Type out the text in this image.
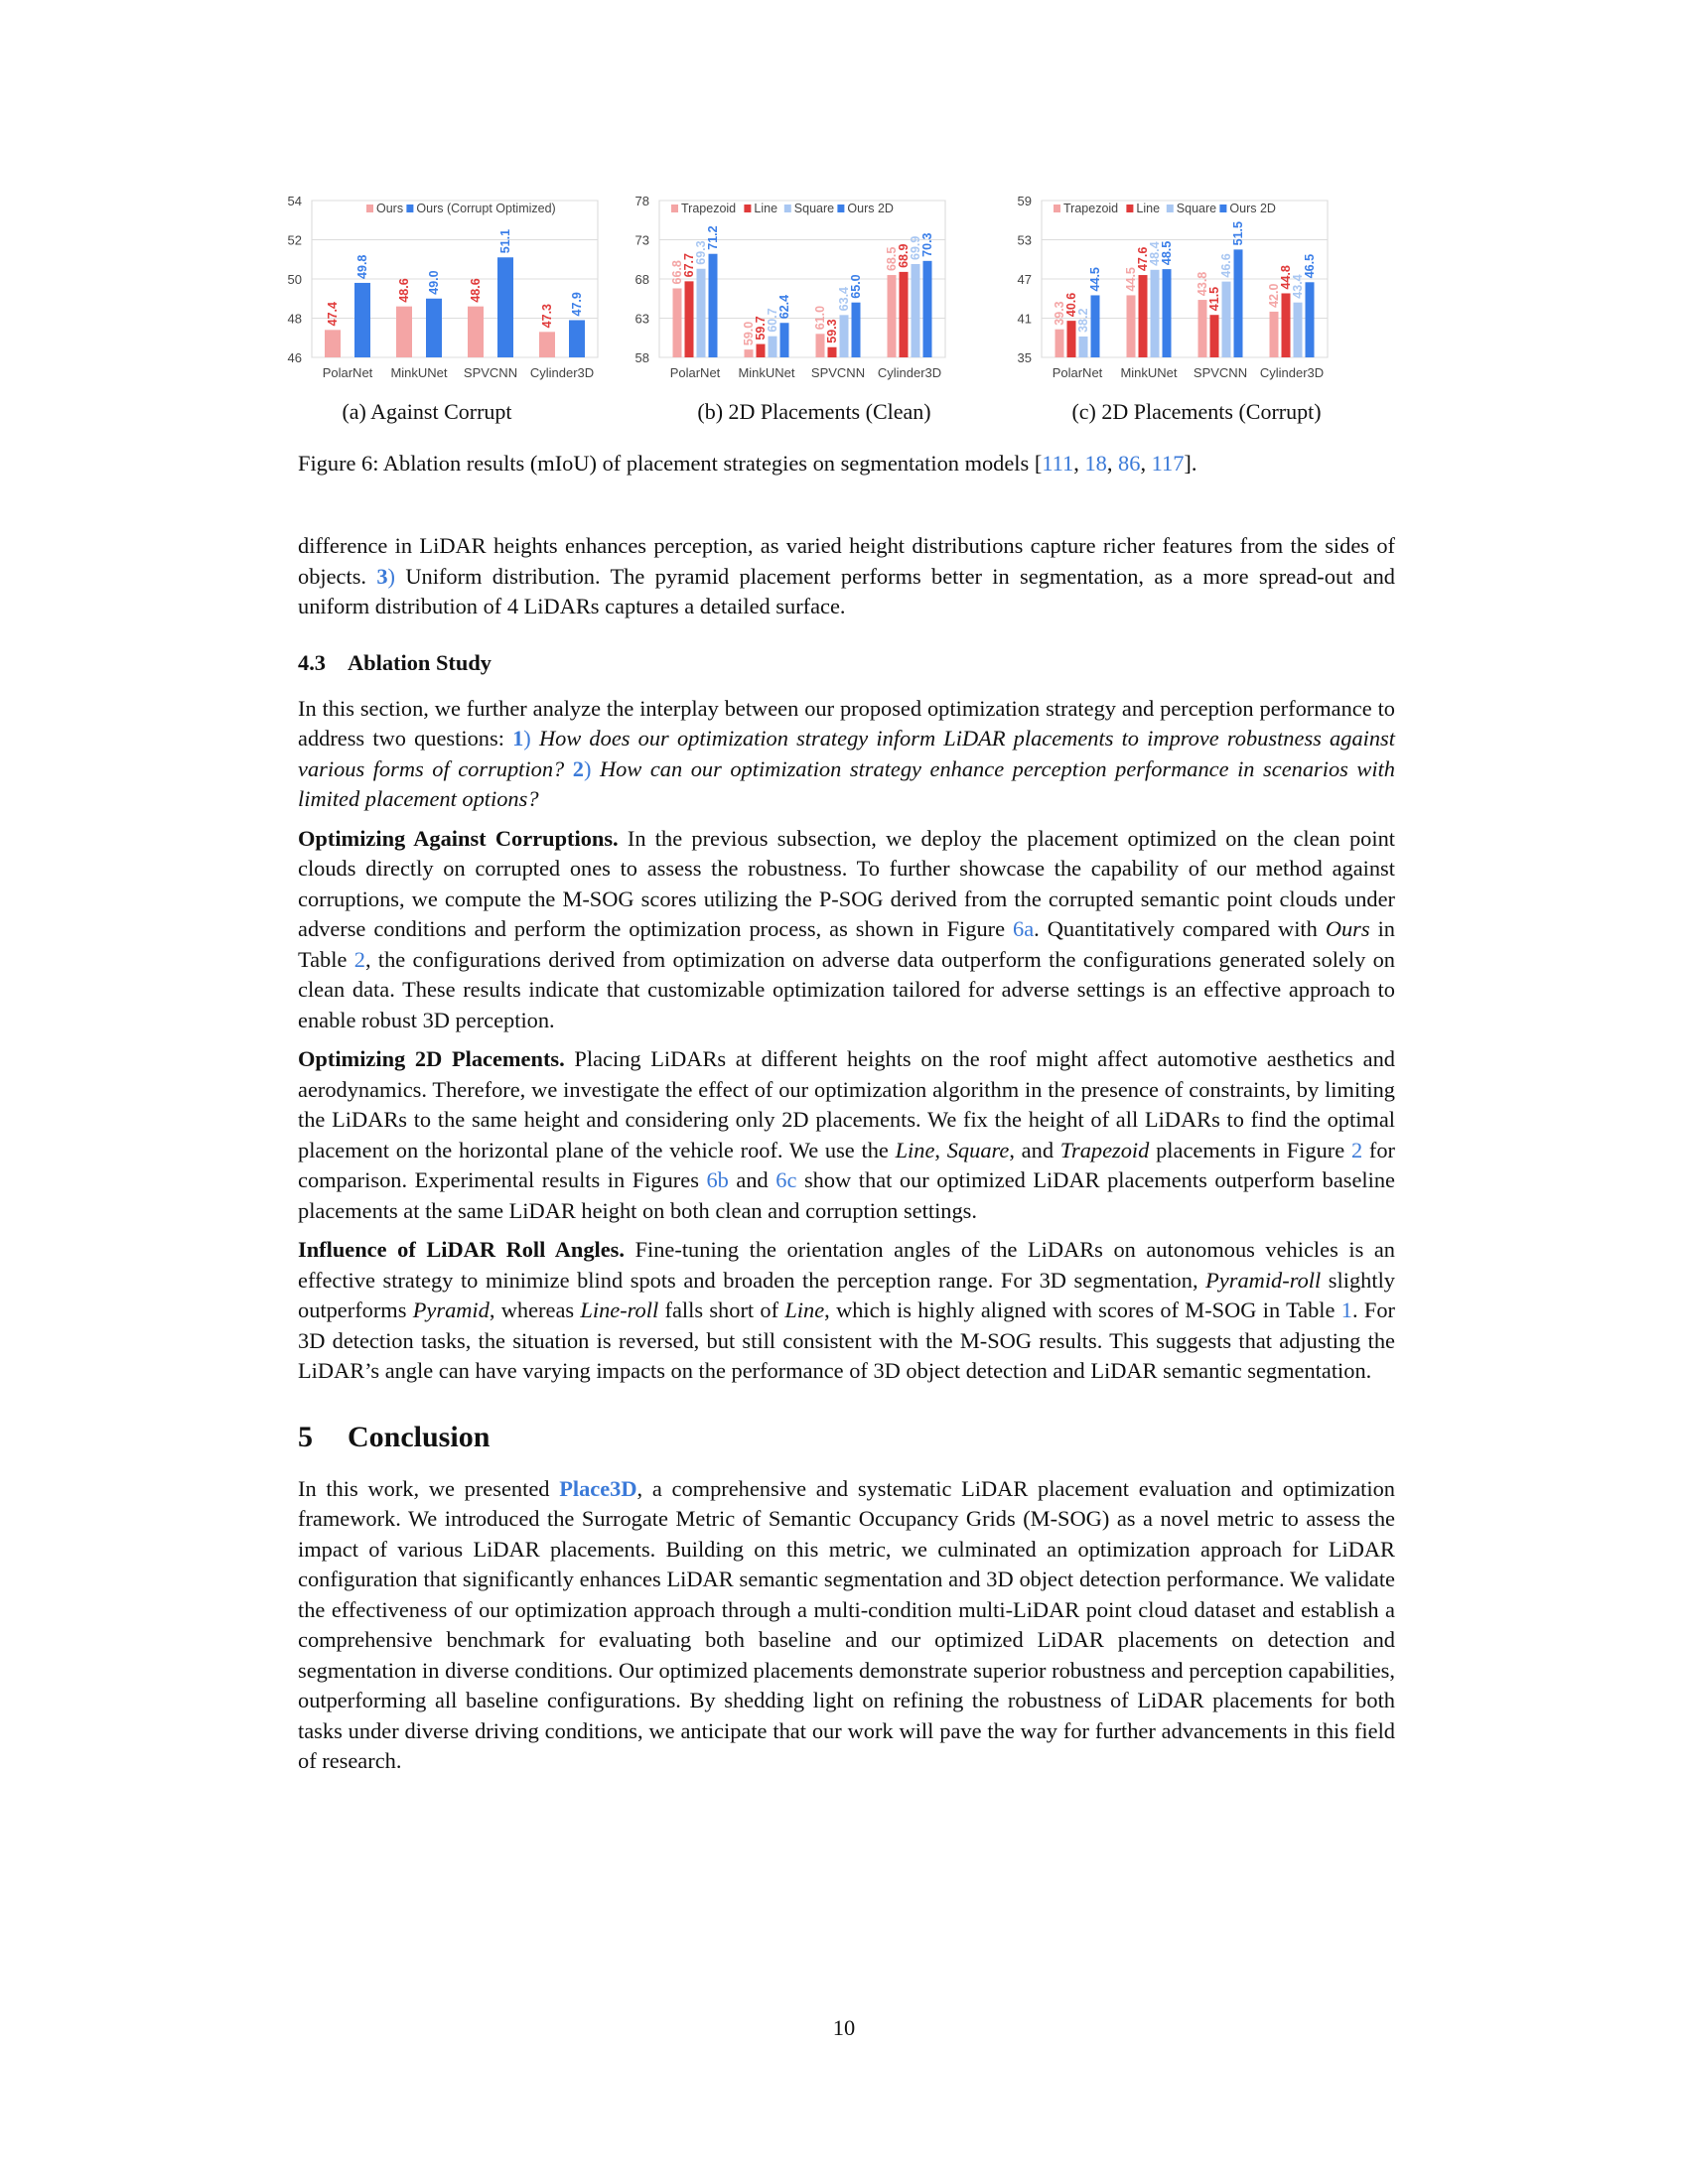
46
48
50
52
54	Ours Ours (Corrupt Optimized)
47.4
49.8
PolarNet
48.6 49.0
MinkUNet
48.6
51.1
SPVCNN
47.3 47.9
Cylinder3D
58
63
68
73
78	Trapezoid Line Square Ours 2D
66.8
67.7
69.3
71.2
PolarNet
59.0
59.7
60.7
62.4
MinkUNet
61.0
59.3
63.4
65.0
SPVCNN
68.5
68.9
69.9
70.3
Cylinder3D
35
41
47
53
59	Trapezoid Line Square Ours 2D
39.3
40.6
38.2
44.5
PolarNet
44.5
47.6
48.4
48.5
MinkUNet
43.8
41.5
46.6
51.5
SPVCNN
42.0
44.8
43.4
46.5
Cylinder3D
(a) Against Corrupt	(b) 2D Placements (Clean)	(c) 2D Placements (Corrupt)
Figure 6: Ablation results (mIoU) of placement strategies on segmentation models [111, 18, 86, 117].

difference in LiDAR heights enhances perception, as varied height distributions capture richer features from the sides of objects. 3) Uniform distribution. The pyramid placement performs better in segmentation, as a more spread-out and uniform distribution of 4 LiDARs captures a detailed surface.

4.3 Ablation Study

In this section, we further analyze the interplay between our proposed optimization strategy and perception performance to address two questions: 1) How does our optimization strategy inform LiDAR placements to improve robustness against various forms of corruption? 2) How can our optimization strategy enhance perception performance in scenarios with limited placement options?

Optimizing Against Corruptions. In the previous subsection, we deploy the placement optimized on the clean point clouds directly on corrupted ones to assess the robustness. To further showcase the capability of our method against corruptions, we compute the M-SOG scores utilizing the P-SOG derived from the corrupted semantic point clouds under adverse conditions and perform the optimization process, as shown in Figure 6a. Quantitatively compared with Ours in Table 2, the configurations derived from optimization on adverse data outperform the configurations generated solely on clean data. These results indicate that customizable optimization tailored for adverse settings is an effective approach to enable robust 3D perception.

Optimizing 2D Placements. Placing LiDARs at different heights on the roof might affect automotive aesthetics and aerodynamics. Therefore, we investigate the effect of our optimization algorithm in the presence of constraints, by limiting the LiDARs to the same height and considering only 2D placements. We fix the height of all LiDARs to find the optimal placement on the horizontal plane of the vehicle roof. We use the Line, Square, and Trapezoid placements in Figure 2 for comparison. Experimental results in Figures 6b and 6c show that our optimized LiDAR placements outperform baseline placements at the same LiDAR height on both clean and corruption settings.

Influence of LiDAR Roll Angles. Fine-tuning the orientation angles of the LiDARs on autonomous vehicles is an effective strategy to minimize blind spots and broaden the perception range. For 3D segmentation, Pyramid-roll slightly outperforms Pyramid, whereas Line-roll falls short of Line, which is highly aligned with scores of M-SOG in Table 1. For 3D detection tasks, the situation is reversed, but still consistent with the M-SOG results. This suggests that adjusting the LiDAR’s angle can have varying impacts on the performance of 3D object detection and LiDAR semantic segmentation.

5 Conclusion

In this work, we presented Place3D, a comprehensive and systematic LiDAR placement evaluation and optimization framework. We introduced the Surrogate Metric of Semantic Occupancy Grids (M-SOG) as a novel metric to assess the impact of various LiDAR placements. Building on this metric, we culminated an optimization approach for LiDAR configuration that significantly enhances LiDAR semantic segmentation and 3D object detection performance. We validate the effectiveness of our optimization approach through a multi-condition multi-LiDAR point cloud dataset and establish a comprehensive benchmark for evaluating both baseline and our optimized LiDAR placements on detection and segmentation in diverse conditions. Our optimized placements demonstrate superior robustness and perception capabilities, outperforming all baseline configurations. By shedding light on refining the robustness of LiDAR placements for both tasks under diverse driving conditions, we anticipate that our work will pave the way for further advancements in this field of research.

10
